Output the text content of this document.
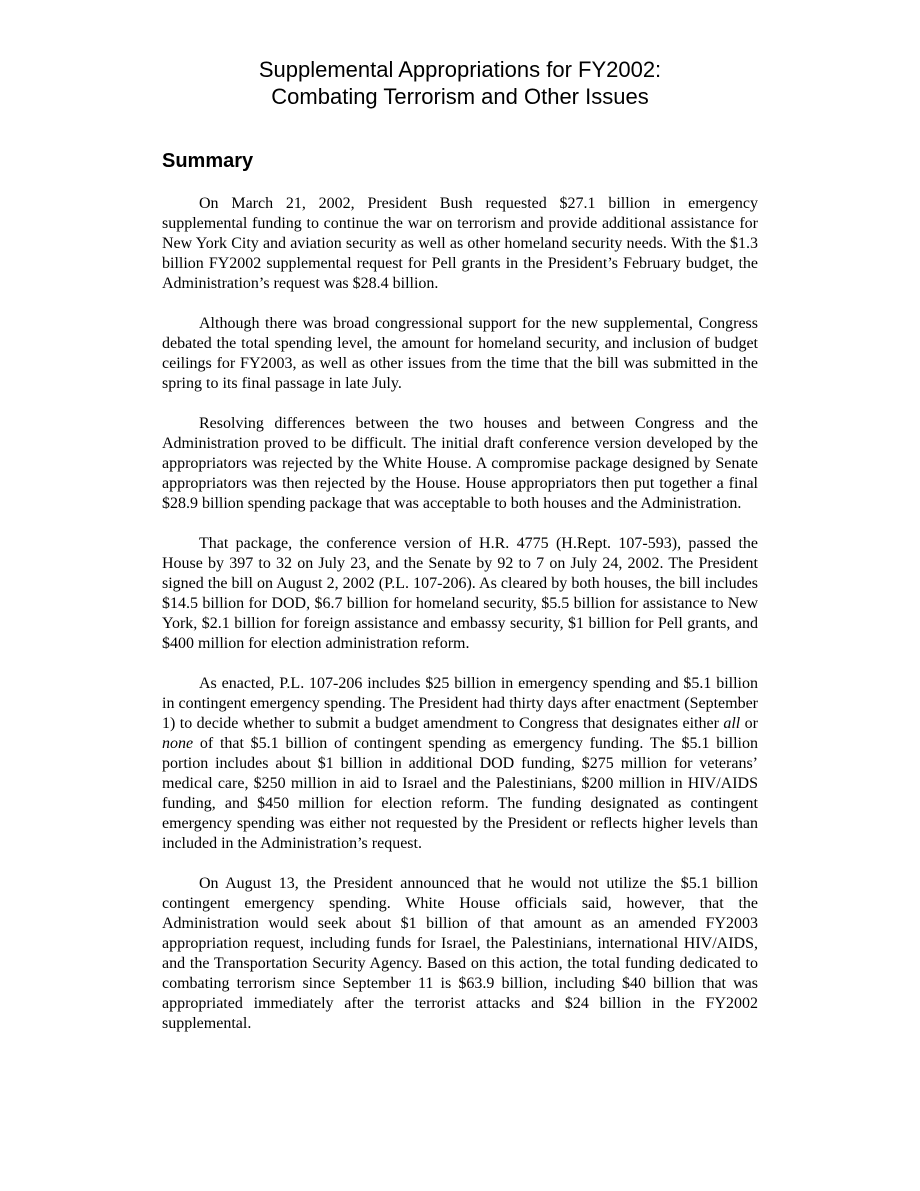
Supplemental Appropriations for FY2002:
Combating Terrorism and Other Issues
Summary

On March 21, 2002, President Bush requested $27.1 billion in emergency supplemental funding to continue the war on terrorism and provide additional assistance for New York City and aviation security as well as other homeland security needs. With the $1.3 billion FY2002 supplemental request for Pell grants in the President’s February budget, the Administration’s request was $28.4 billion.

Although there was broad congressional support for the new supplemental, Congress debated the total spending level, the amount for homeland security, and inclusion of budget ceilings for FY2003, as well as other issues from the time that the bill was submitted in the spring to its final passage in late July.

Resolving differences between the two houses and between Congress and the Administration proved to be difficult. The initial draft conference version developed by the appropriators was rejected by the White House. A compromise package designed by Senate appropriators was then rejected by the House. House appropriators then put together a final $28.9 billion spending package that was acceptable to both houses and the Administration.

That package, the conference version of H.R. 4775 (H.Rept. 107-593), passed the House by 397 to 32 on July 23, and the Senate by 92 to 7 on July 24, 2002. The President signed the bill on August 2, 2002 (P.L. 107-206). As cleared by both houses, the bill includes $14.5 billion for DOD, $6.7 billion for homeland security, $5.5 billion for assistance to New York, $2.1 billion for foreign assistance and embassy security, $1 billion for Pell grants, and $400 million for election administration reform.

As enacted, P.L. 107-206 includes $25 billion in emergency spending and $5.1 billion in contingent emergency spending. The President had thirty days after enactment (September 1) to decide whether to submit a budget amendment to Congress that designates either all or none of that $5.1 billion of contingent spending as emergency funding. The $5.1 billion portion includes about $1 billion in additional DOD funding, $275 million for veterans’ medical care, $250 million in aid to Israel and the Palestinians, $200 million in HIV/AIDS funding, and $450 million for election reform. The funding designated as contingent emergency spending was either not requested by the President or reflects higher levels than included in the Administration’s request.

On August 13, the President announced that he would not utilize the $5.1 billion contingent emergency spending. White House officials said, however, that the Administration would seek about $1 billion of that amount as an amended FY2003 appropriation request, including funds for Israel, the Palestinians, international HIV/AIDS, and the Transportation Security Agency. Based on this action, the total funding dedicated to combating terrorism since September 11 is $63.9 billion, including $40 billion that was appropriated immediately after the terrorist attacks and $24 billion in the FY2002 supplemental.
